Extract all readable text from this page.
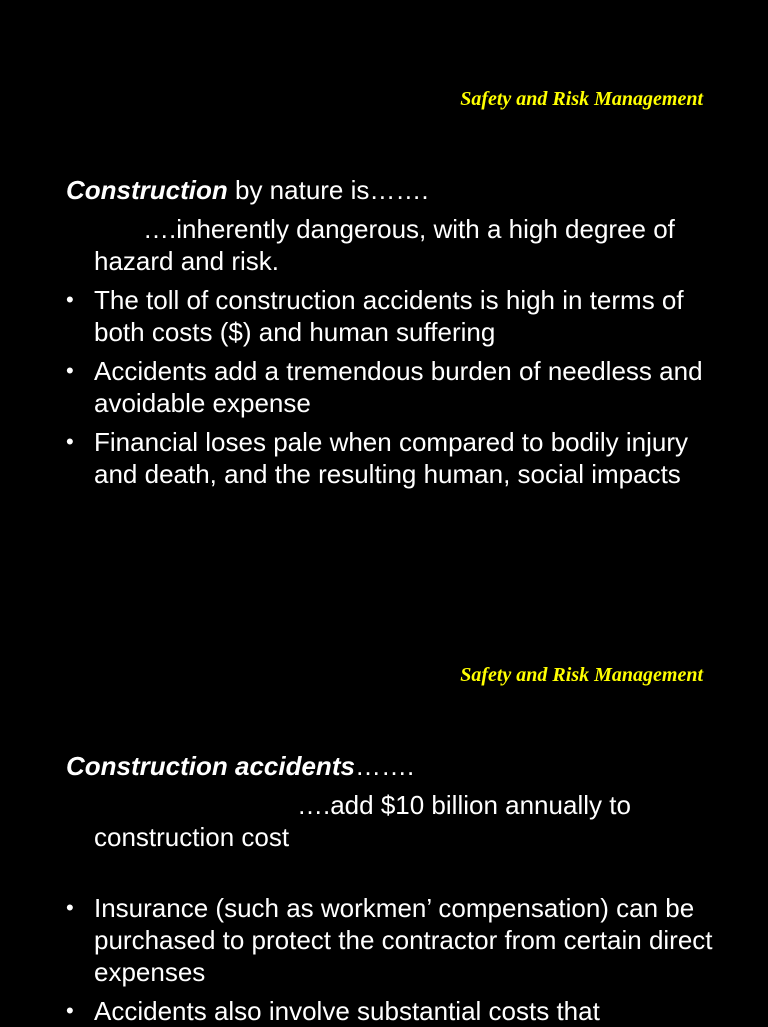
Safety and Risk Management

Construction by nature is…….

….inherently dangerous, with a high degree of hazard and risk.

• The toll of construction accidents is high in terms of both costs ($) and human suffering
• Accidents add a tremendous burden of needless and avoidable expense
• Financial loses pale when compared to bodily injury and death, and the resulting human, social impacts
Safety and Risk Management

Construction accidents…….

….add $10 billion annually to construction cost

• Insurance (such as workmen’ compensation) can be purchased to protect the contractor from certain direct expenses
• Accidents also involve substantial costs that
